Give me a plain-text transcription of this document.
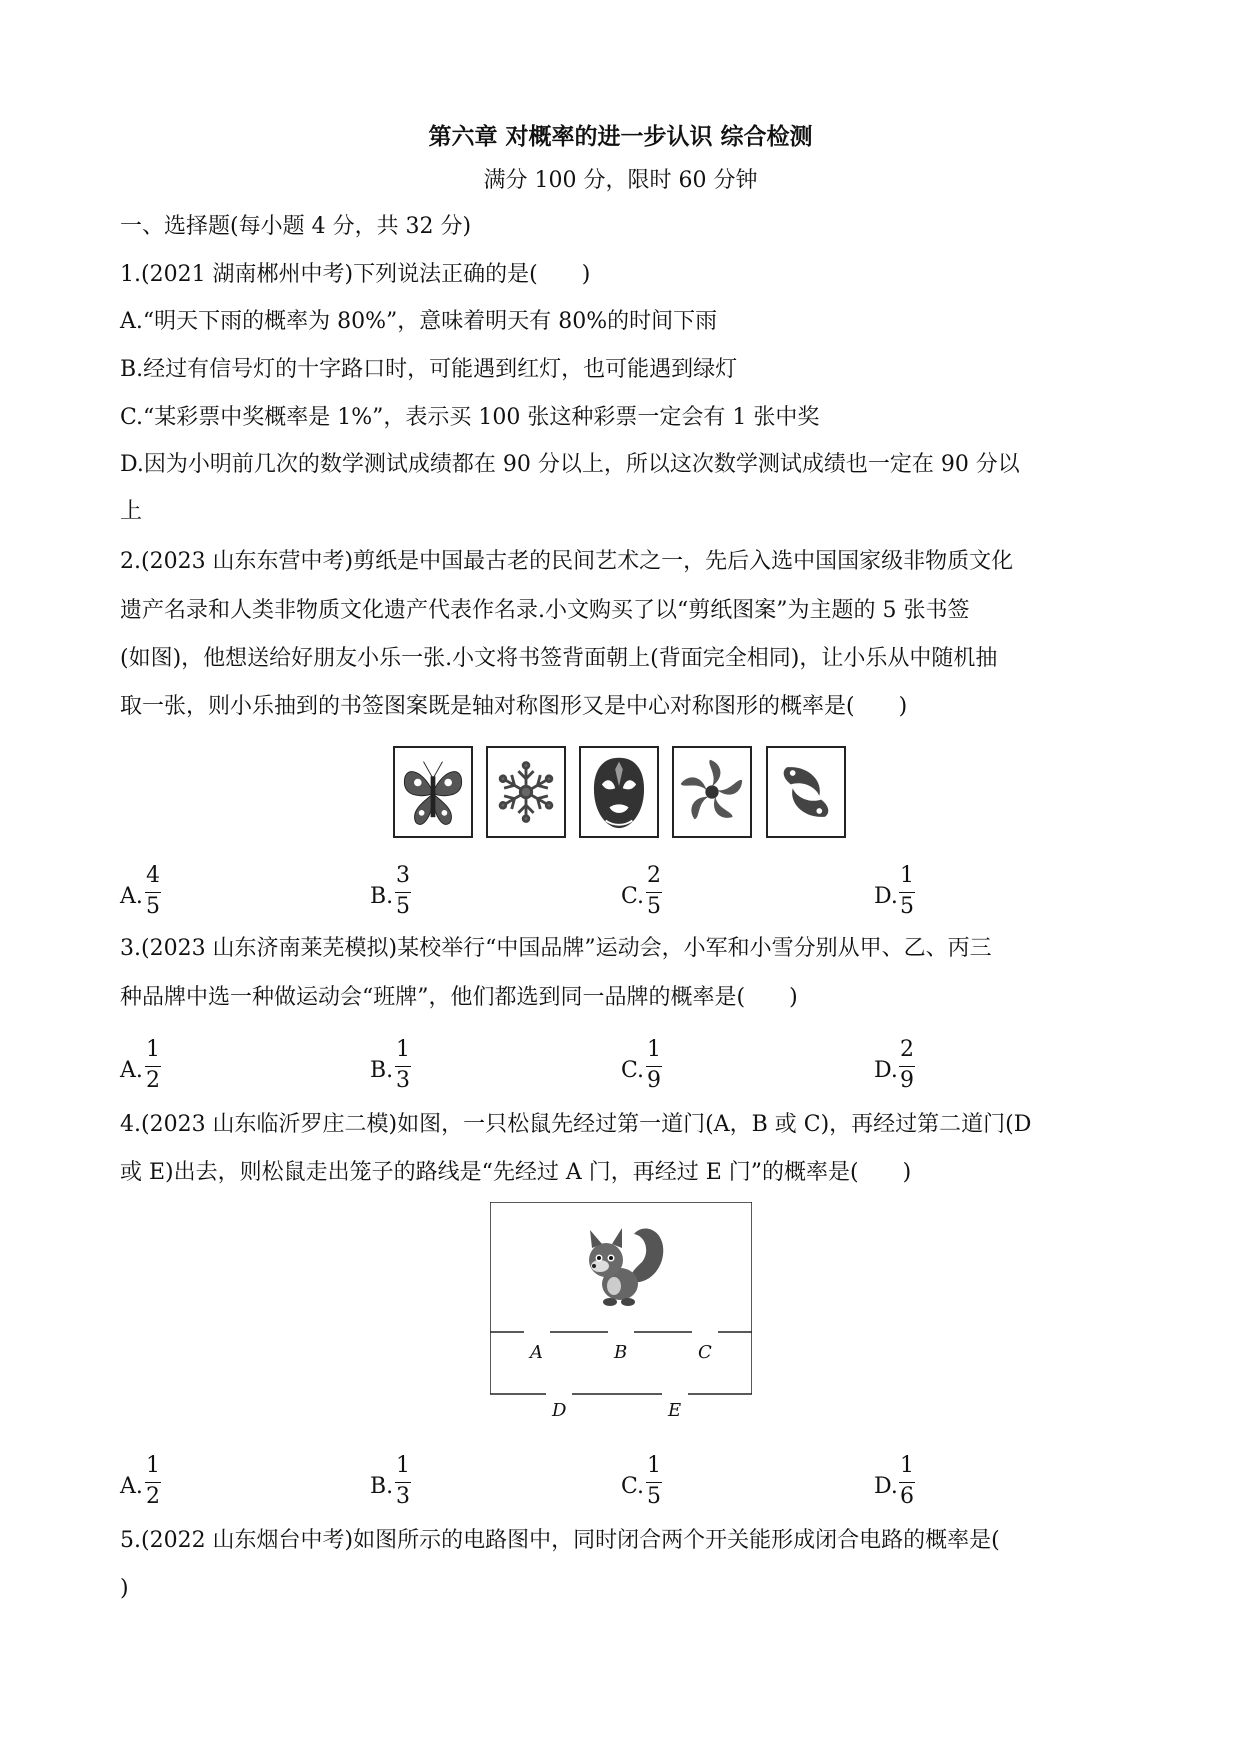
第六章 对概率的进一步认识 综合检测
满分 100 分，限时 60 分钟
一、选择题(每小题 4 分，共 32 分)
1.(2021 湖南郴州中考)下列说法正确的是(　　)
A.“明天下雨的概率为 80%”，意味着明天有 80%的时间下雨
B.经过有信号灯的十字路口时，可能遇到红灯，也可能遇到绿灯
C.“某彩票中奖概率是 1%”，表示买 100 张这种彩票一定会有 1 张中奖
D.因为小明前几次的数学测试成绩都在 90 分以上，所以这次数学测试成绩也一定在 90 分以
上
2.(2023 山东东营中考)剪纸是中国最古老的民间艺术之一，先后入选中国国家级非物质文化
遗产名录和人类非物质文化遗产代表作名录.小文购买了以“剪纸图案”为主题的 5 张书签
(如图)，他想送给好朋友小乐一张.小文将书签背面朝上(背面完全相同)，让小乐从中随机抽
取一张，则小乐抽到的书签图案既是轴对称图形又是中心对称图形的概率是(　　)
A.
4
5	B.
3
5	C.
2
5	D.
1
5
3.(2023 山东济南莱芜模拟)某校举行“中国品牌”运动会，小军和小雪分别从甲、乙、丙三
种品牌中选一种做运动会“班牌”，他们都选到同一品牌的概率是(　　)
A.
1
2	B.
1
3	C.
1
9	D.
2
9
4.(2023 山东临沂罗庄二模)如图，一只松鼠先经过第一道门(A，B 或 C)，再经过第二道门(D
或 E)出去，则松鼠走出笼子的路线是“先经过 A 门，再经过 E 门”的概率是(　　)
A	B	C
D	E
A.
1
2	B.
1
3	C.
1
5	D.
1
6
5.(2022 山东烟台中考)如图所示的电路图中，同时闭合两个开关能形成闭合电路的概率是(
)
